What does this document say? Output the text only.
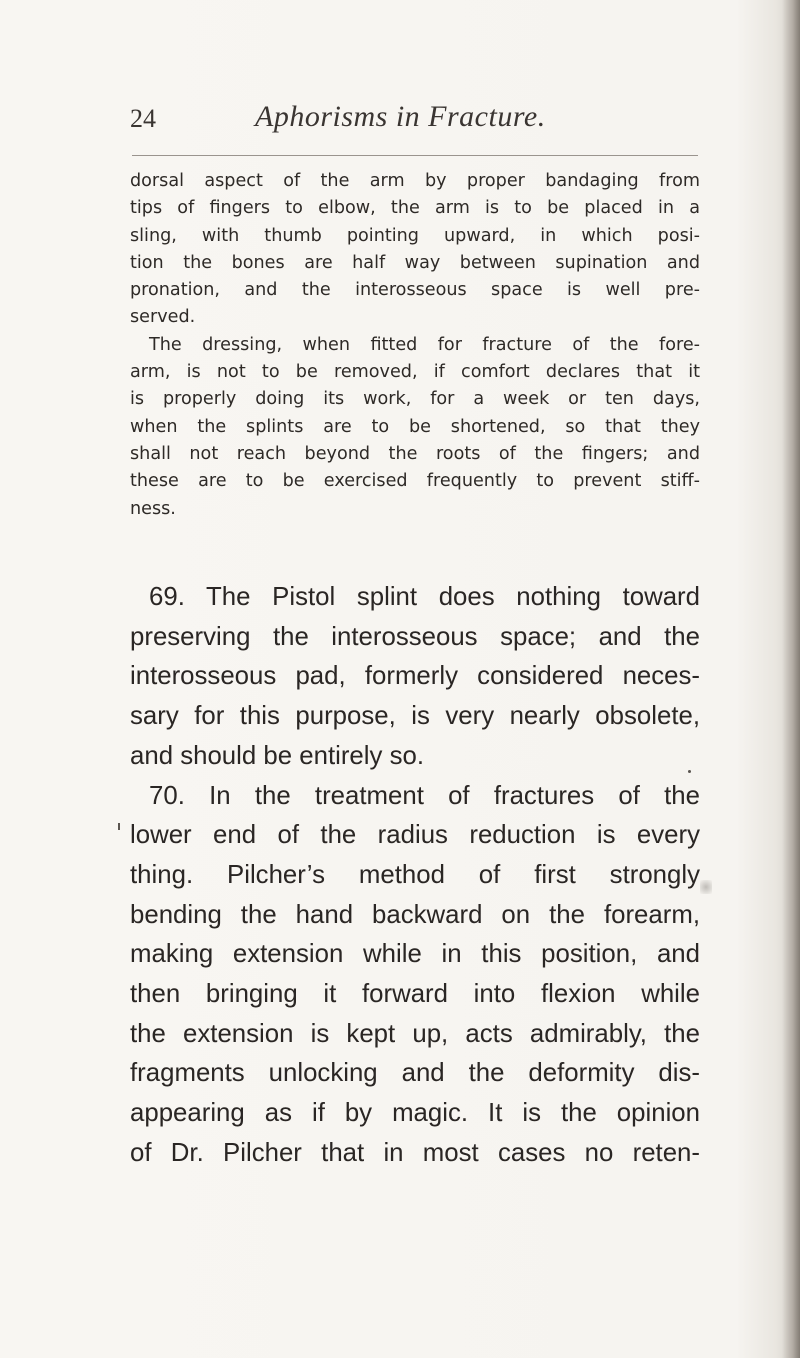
24	Aphorisms in Fracture.
dorsal aspect of the arm by proper bandaging from
tips of fingers to elbow, the arm is to be placed in a
sling, with thumb pointing upward, in which posi-
tion the bones are half way between supination and
pronation, and the interosseous space is well pre-
served.
The dressing, when fitted for fracture of the fore-
arm, is not to be removed, if comfort declares that it
is properly doing its work, for a week or ten days,
when the splints are to be shortened, so that they
shall not reach beyond the roots of the fingers; and
these are to be exercised frequently to prevent stiff-
ness.
69. The Pistol splint does nothing toward
preserving the interosseous space; and the
interosseous pad, formerly considered neces-
sary for this purpose, is very nearly obsolete,
and should be entirely so.
70. In the treatment of fractures of the
lower end of the radius reduction is every
thing. Pilcher’s method of first strongly
bending the hand backward on the forearm,
making extension while in this position, and
then bringing it forward into flexion while
the extension is kept up, acts admirably, the
fragments unlocking and the deformity dis-
appearing as if by magic. It is the opinion
of Dr. Pilcher that in most cases no reten-
